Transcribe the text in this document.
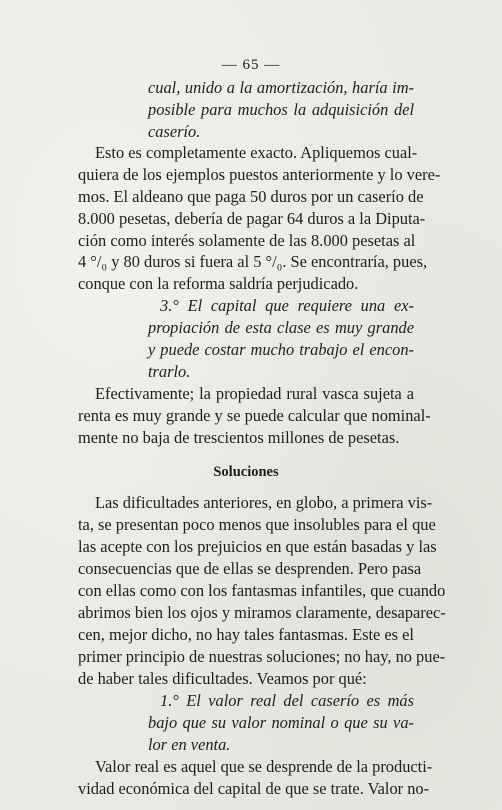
— 65 —
cual, unido a la amortización, haría im-
posible para muchos la adquisición del
caserío.
Esto es completamente exacto. Apliquemos cual-
quiera de los ejemplos puestos anteriormente y lo vere-
mos. El aldeano que paga 50 duros por un caserío de
8.000 pesetas, debería de pagar 64 duros a la Diputa-
ción como interés solamente de las 8.000 pesetas al
4 °/₀ y 80 duros si fuera al 5 °/₀. Se encontraría, pues,
conque con la reforma saldría perjudicado.
3.° El capital que requiere una ex-
propiación de esta clase es muy grande
y puede costar mucho trabajo el encon-
trarlo.
Efectivamente; la propiedad rural vasca sujeta a
renta es muy grande y se puede calcular que nominal-
mente no baja de trescientos millones de pesetas.
Soluciones
Las dificultades anteriores, en globo, a primera vis-
ta, se presentan poco menos que insolubles para el que
las acepte con los prejuicios en que están basadas y las
consecuencias que de ellas se desprenden. Pero pasa
con ellas como con los fantasmas infantiles, que cuando
abrimos bien los ojos y miramos claramente, desaparec-
cen, mejor dicho, no hay tales fantasmas. Este es el
primer principio de nuestras soluciones; no hay, no pue-
de haber tales dificultades. Veamos por qué:
1.° El valor real del caserío es más
bajo que su valor nominal o que su va-
lor en venta.
Valor real es aquel que se desprende de la producti-
vidad económica del capital de que se trate. Valor no-
